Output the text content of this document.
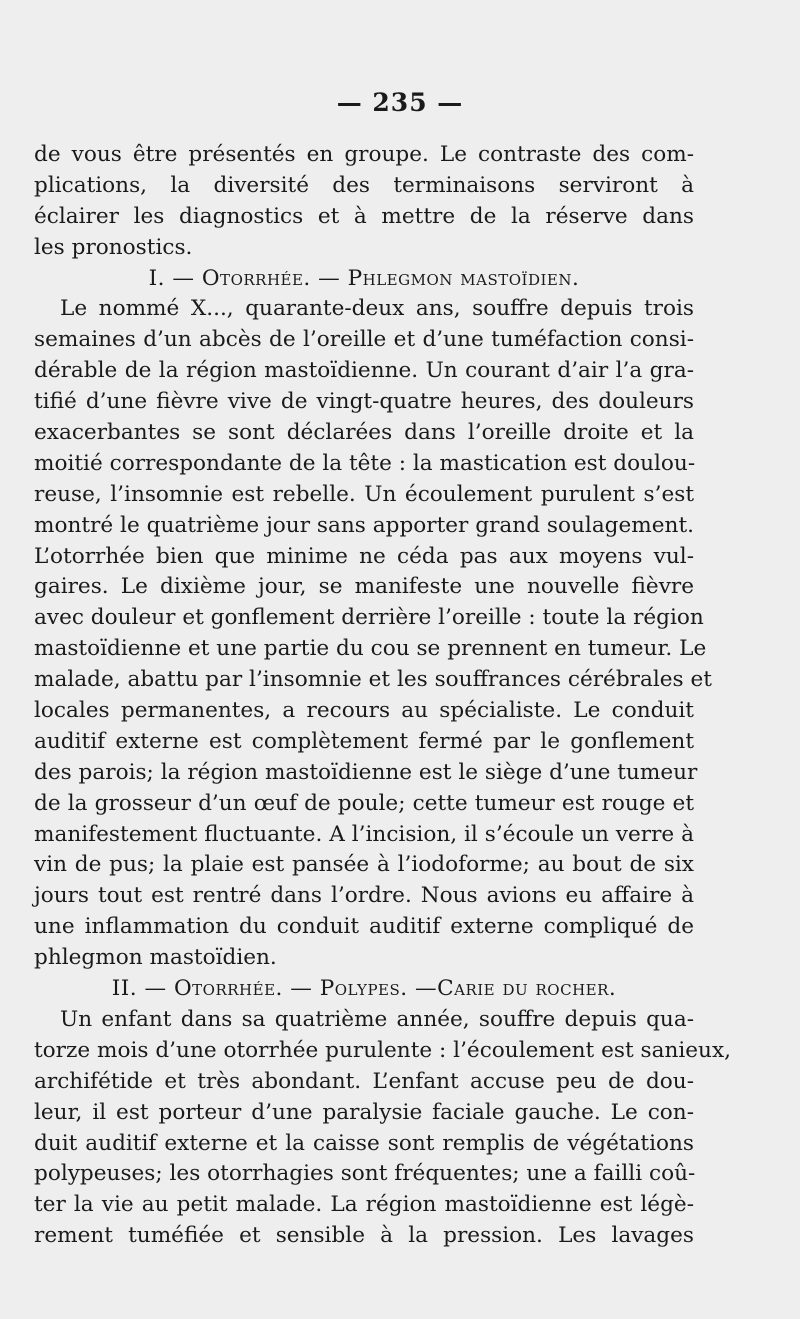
— 235 —
de vous être présentés en groupe. Le contraste des com-
plications, la diversité des terminaisons serviront à
éclairer les diagnostics et à mettre de la réserve dans
les pronostics.
I. — Otorrhée. — Phlegmon mastoïdien.
Le nommé X..., quarante-deux ans, souffre depuis trois
semaines d’un abcès de l’oreille et d’une tuméfaction consi-
dérable de la région mastoïdienne. Un courant d’air l’a gra-
tifié d’une fièvre vive de vingt-quatre heures, des douleurs
exacerbantes se sont déclarées dans l’oreille droite et la
moitié correspondante de la tête : la mastication est doulou-
reuse, l’insomnie est rebelle. Un écoulement purulent s’est
montré le quatrième jour sans apporter grand soulagement.
L’otorrhée bien que minime ne céda pas aux moyens vul-
gaires. Le dixième jour, se manifeste une nouvelle fièvre
avec douleur et gonflement derrière l’oreille : toute la région
mastoïdienne et une partie du cou se prennent en tumeur. Le
malade, abattu par l’insomnie et les souffrances cérébrales et
locales permanentes, a recours au spécialiste. Le conduit
auditif externe est complètement fermé par le gonflement
des parois; la région mastoïdienne est le siège d’une tumeur
de la grosseur d’un œuf de poule; cette tumeur est rouge et
manifestement fluctuante. A l’incision, il s’écoule un verre à
vin de pus; la plaie est pansée à l’iodoforme; au bout de six
jours tout est rentré dans l’ordre. Nous avions eu affaire à
une inflammation du conduit auditif externe compliqué de
phlegmon mastoïdien.
II. — Otorrhée. — Polypes. —Carie du rocher.
Un enfant dans sa quatrième année, souffre depuis qua-
torze mois d’une otorrhée purulente : l’écoulement est sanieux,
archifétide et très abondant. L’enfant accuse peu de dou-
leur, il est porteur d’une paralysie faciale gauche. Le con-
duit auditif externe et la caisse sont remplis de végétations
polypeuses; les otorrhagies sont fréquentes; une a failli coû-
ter la vie au petit malade. La région mastoïdienne est légè-
rement tuméfiée et sensible à la pression. Les lavages
